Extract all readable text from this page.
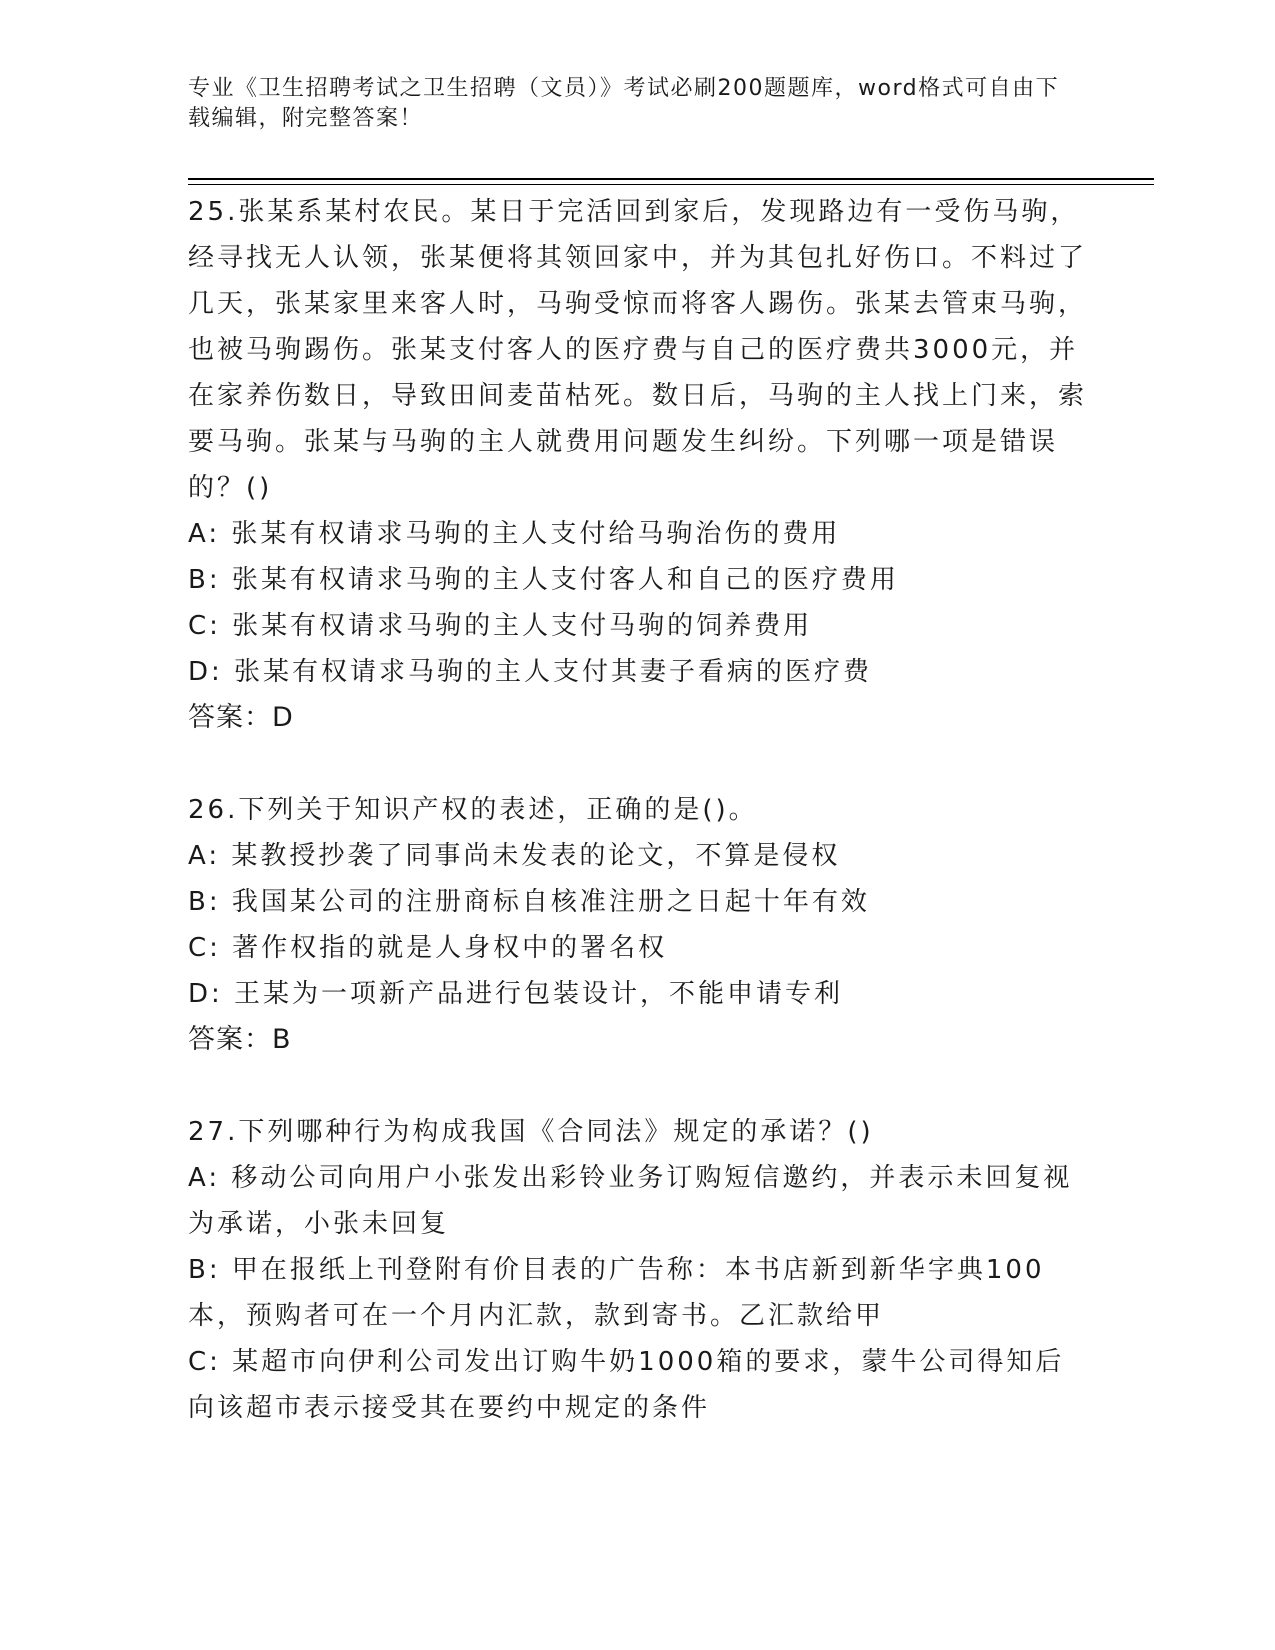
专业《卫生招聘考试之卫生招聘（文员）》考试必刷200题题库，word格式可自由下载编辑，附完整答案！
25.张某系某村农民。某日于完活回到家后，发现路边有一受伤马驹，经寻找无人认领，张某便将其领回家中，并为其包扎好伤口。不料过了几天，张某家里来客人时，马驹受惊而将客人踢伤。张某去管束马驹，也被马驹踢伤。张某支付客人的医疗费与自己的医疗费共3000元，并在家养伤数日，导致田间麦苗枯死。数日后，马驹的主人找上门来，索要马驹。张某与马驹的主人就费用问题发生纠纷。下列哪一项是错误的？()
A: 张某有权请求马驹的主人支付给马驹治伤的费用
B: 张某有权请求马驹的主人支付客人和自己的医疗费用
C: 张某有权请求马驹的主人支付马驹的饲养费用
D: 张某有权请求马驹的主人支付其妻子看病的医疗费
答案：D
26.下列关于知识产权的表述，正确的是()。
A: 某教授抄袭了同事尚未发表的论文，不算是侵权
B: 我国某公司的注册商标自核准注册之日起十年有效
C: 著作权指的就是人身权中的署名权
D: 王某为一项新产品进行包装设计，不能申请专利
答案：B
27.下列哪种行为构成我国《合同法》规定的承诺？()
A: 移动公司向用户小张发出彩铃业务订购短信邀约，并表示未回复视为承诺，小张未回复
B: 甲在报纸上刊登附有价目表的广告称：本书店新到新华字典100本，预购者可在一个月内汇款，款到寄书。乙汇款给甲
C: 某超市向伊利公司发出订购牛奶1000箱的要求，蒙牛公司得知后向该超市表示接受其在要约中规定的条件
